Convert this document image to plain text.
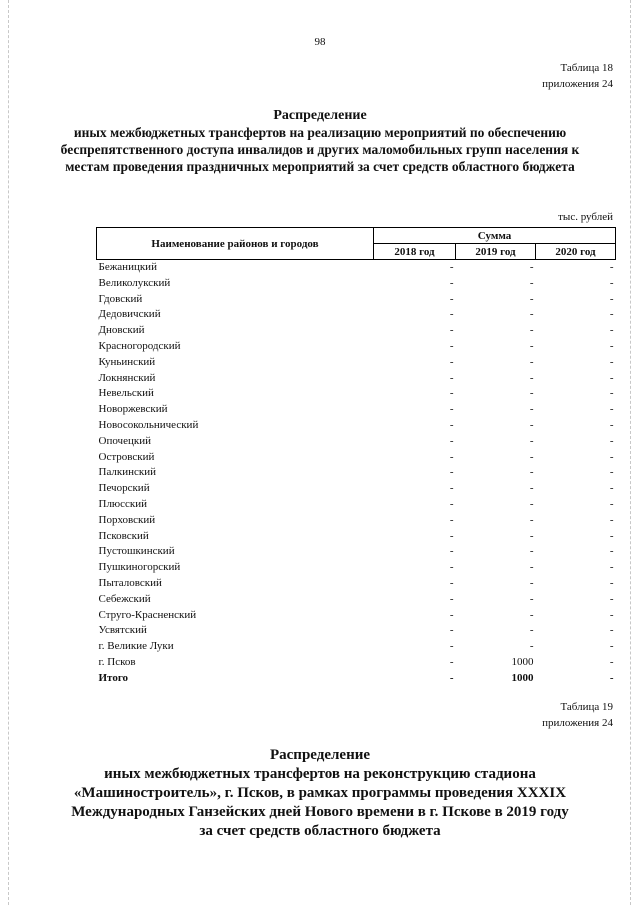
98
Таблица 18
приложения 24
Распределение
иных межбюджетных трансфертов на реализацию мероприятий по обеспечению беспрепятственного доступа инвалидов и других маломобильных групп населения к местам проведения праздничных мероприятий за счет средств областного бюджета
тыс. рублей
Наименование районов и городов	Сумма		
	2018 год	2019 год	2020 год
Бежаницкий	-	-	-
Великолукский	-	-	-
Гдовский	-	-	-
Дедовичский	-	-	-
Дновский	-	-	-
Красногородский	-	-	-
Куньинский	-	-	-
Локнянский	-	-	-
Невельский	-	-	-
Новоржевский	-	-	-
Новосокольнический	-	-	-
Опочецкий	-	-	-
Островский	-	-	-
Палкинский	-	-	-
Печорский	-	-	-
Плюсский	-	-	-
Порховский	-	-	-
Псковский	-	-	-
Пустошкинский	-	-	-
Пушкиногорский	-	-	-
Пыталовский	-	-	-
Себежский	-	-	-
Струго-Красненский	-	-	-
Усвятский	-	-	-
г. Великие Луки	-	-	-
г. Псков	-	1000	-
Итого	-	1000	-
Таблица 19
приложения 24
Распределение
иных межбюджетных трансфертов на реконструкцию стадиона
«Машиностроитель», г. Псков, в рамках программы проведения XXXIX
Международных Ганзейских дней Нового времени в г. Пскове в 2019 году
за счет средств областного бюджета
